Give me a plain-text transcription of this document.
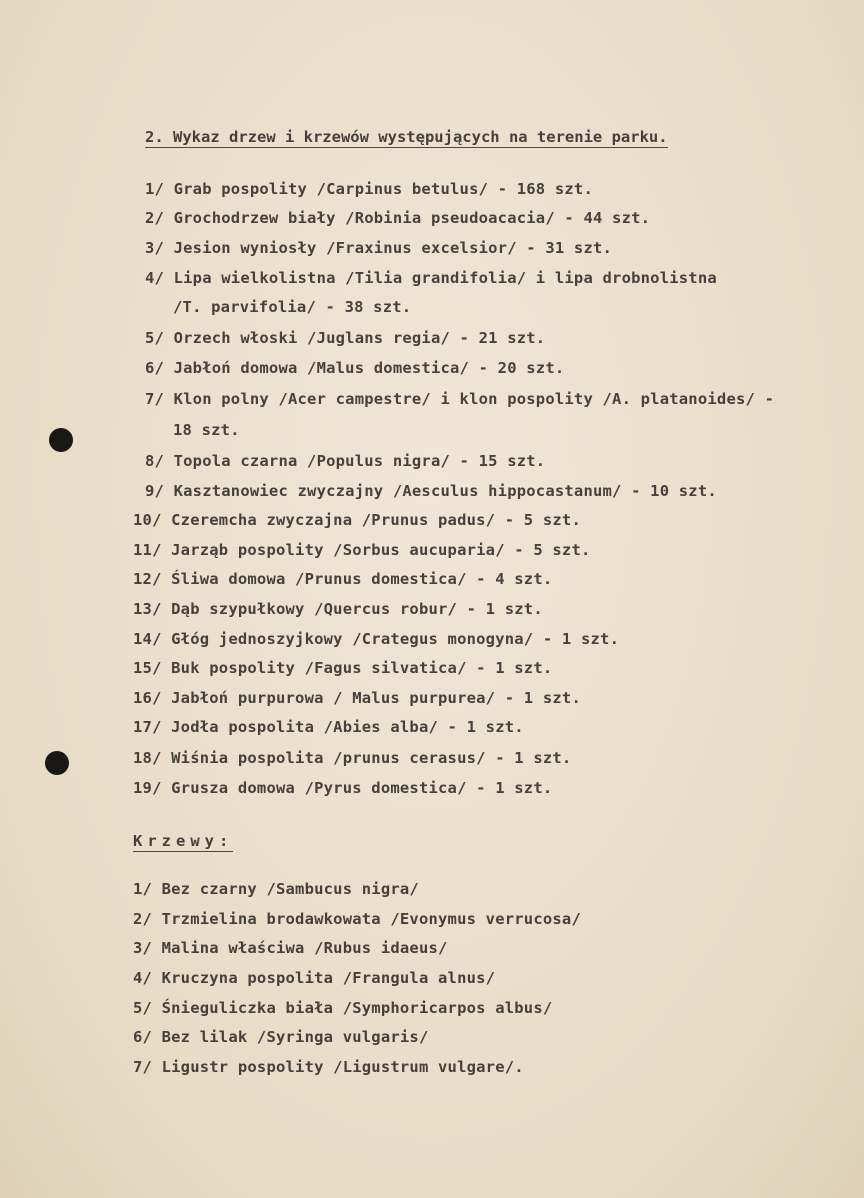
2. Wykaz drzew i krzewów występujących na terenie parku.
1/ Grab pospolity /Carpinus betulus/ - 168 szt.
2/ Grochodrzew biały /Robinia pseudoacacia/ - 44 szt.
3/ Jesion wyniosły /Fraxinus excelsior/ - 31 szt.
4/ Lipa wielkolistna /Tilia grandifolia/ i lipa drobnolistna
/T. parvifolia/ - 38 szt.
5/ Orzech włoski /Juglans regia/ - 21 szt.
6/ Jabłoń domowa /Malus domestica/ - 20 szt.
7/ Klon polny /Acer campestre/ i klon pospolity /A. platanoides/ -
18 szt.
8/ Topola czarna /Populus nigra/ - 15 szt.
9/ Kasztanowiec zwyczajny /Aesculus hippocastanum/ - 10 szt.
10/ Czeremcha zwyczajna /Prunus padus/ - 5 szt.
11/ Jarząb pospolity /Sorbus aucuparia/ - 5 szt.
12/ Śliwa domowa /Prunus domestica/ - 4 szt.
13/ Dąb szypułkowy /Quercus robur/ - 1 szt.
14/ Głóg jednoszyjkowy /Crategus monogyna/ - 1 szt.
15/ Buk pospolity /Fagus silvatica/ - 1 szt.
16/ Jabłoń purpurowa / Malus purpurea/ - 1 szt.
17/ Jodła pospolita /Abies alba/ - 1 szt.
18/ Wiśnia pospolita /prunus cerasus/ - 1 szt.
19/ Grusza domowa /Pyrus domestica/ - 1 szt.
Krzewy:
1/ Bez czarny /Sambucus nigra/
2/ Trzmielina brodawkowata /Evonymus verrucosa/
3/ Malina właściwa /Rubus idaeus/
4/ Kruczyna pospolita /Frangula alnus/
5/ Śnieguliczka biała /Symphoricarpos albus/
6/ Bez lilak /Syringa vulgaris/
7/ Ligustr pospolity /Ligustrum vulgare/.
